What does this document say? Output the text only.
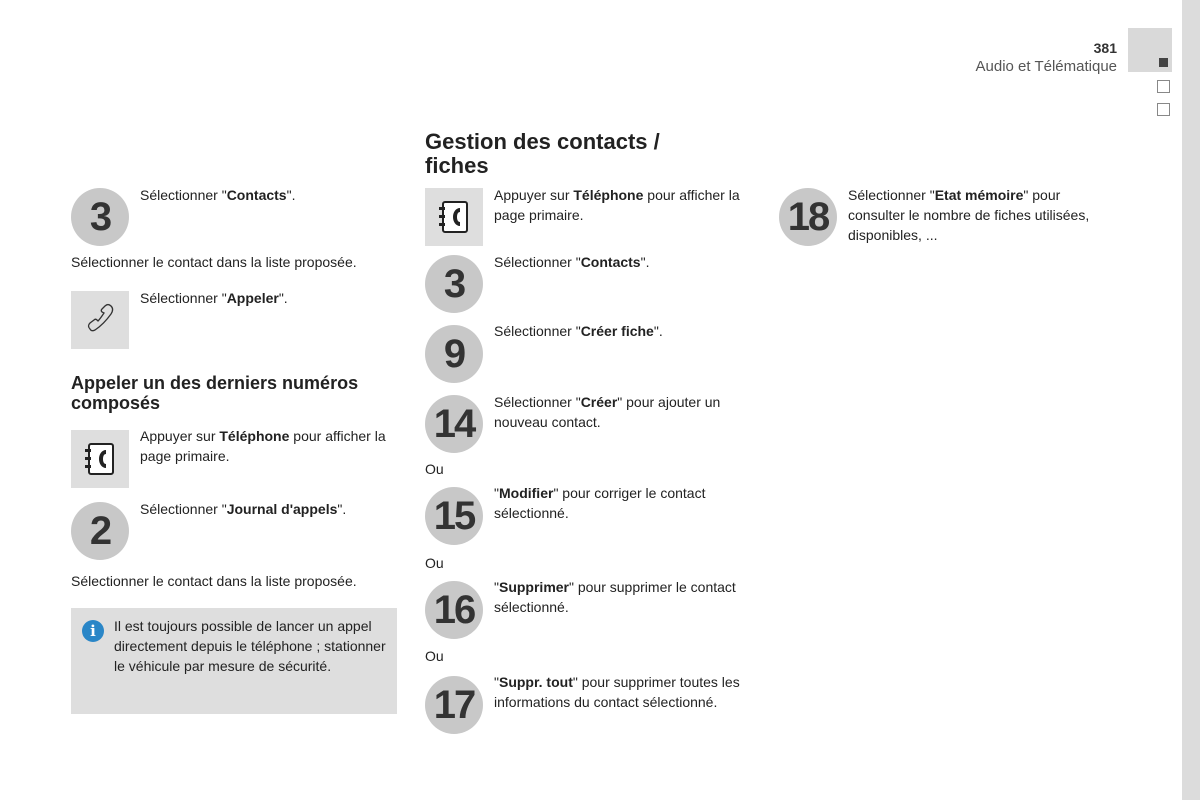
381
Audio et Télématique
3	Sélectionner "Contacts".
Sélectionner le contact dans la liste proposée.
Sélectionner "Appeler".
Appeler un des derniers numéros composés
Appuyer sur Téléphone pour afficher la page primaire.
2	Sélectionner "Journal d'appels".
Sélectionner le contact dans la liste proposée.
i	Il est toujours possible de lancer un appel directement depuis le téléphone ; stationner le véhicule par mesure de sécurité.
Gestion des contacts / fiches
Appuyer sur Téléphone pour afficher la page primaire.
3	Sélectionner "Contacts".
9
Sélectionner "Créer fiche".
14	Sélectionner "Créer" pour ajouter un nouveau contact.
Ou
15
"Modifier" pour corriger le contact sélectionné.
Ou
16
"Supprimer" pour supprimer le contact sélectionné.
Ou
17
"Suppr. tout" pour supprimer toutes les informations du contact sélectionné.
18	Sélectionner "Etat mémoire" pour consulter le nombre de fiches utilisées, disponibles, ...
